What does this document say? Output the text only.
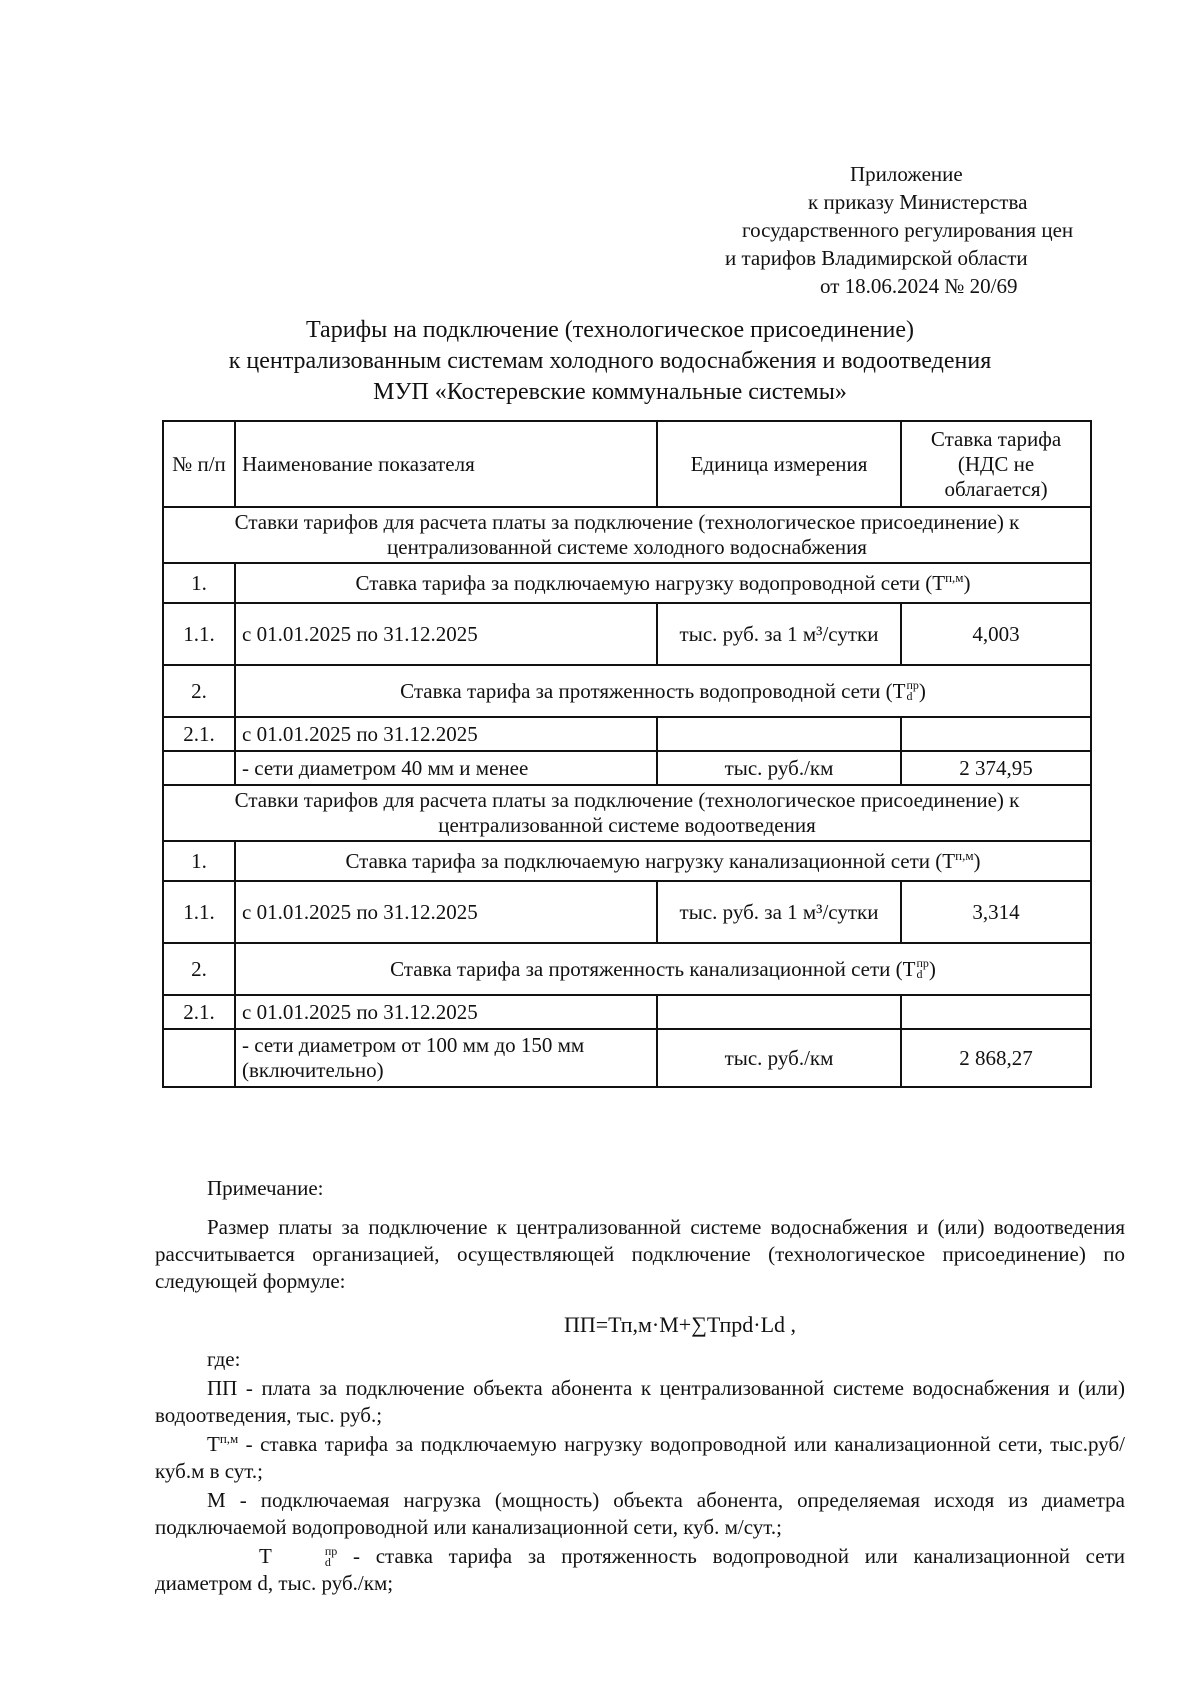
Приложение
к приказу Министерства
государственного регулирования цен
и тарифов Владимирской области
от 18.06.2024 № 20/69
Тарифы на подключение (технологическое присоединение)
к централизованным системам холодного водоснабжения и водоотведения
МУП «Костеревские коммунальные системы»
№ п/п	Наименование показателя	Единица измерения	Ставка тарифа (НДС не облагается)
Ставки тарифов для расчета платы за подключение (технологическое присоединение) к централизованной системе холодного водоснабжения			
1.	Ставка тарифа за подключаемую нагрузку водопроводной сети $(Т^{п,м})$		
1.1.	с 01.01.2025 по 31.12.2025	тыс. руб. за 1 м³/сутки	4,003
2.	Ставка тарифа за протяженность водопроводной сети ( Т пр
d )		
2.1.	с 01.01.2025 по 31.12.2025		
	- сети диаметром 40 мм и менее	тыс. руб./км	2 374,95
Ставки тарифов для расчета платы за подключение (технологическое присоединение) к централизованной системе водоотведения			
1.	Ставка тарифа за подключаемую нагрузку канализационной сети $(Т^{п,м})$		
1.1.	с 01.01.2025 по 31.12.2025	тыс. руб. за 1 м³/сутки	3,314
2.	Ставка тарифа за протяженность канализационной сети ( Т пр
d )		
2.1.	с 01.01.2025 по 31.12.2025		
	- сети диаметром от 100 мм до 150 мм (включительно)	тыс. руб./км	2 868,27
Примечание:
Размер платы за подключение к централизованной системе водоснабжения и (или) водоотведения рассчитывается организацией, осуществляющей подключение (технологическое присоединение) по следующей формуле:
ПП=Тп,м·М+∑Тпрd·Ld ,
где:
ПП - плата за подключение объекта абонента к централизованной системе водоснабжения и (или) водоотведения, тыс. руб.;
$Т^{п,м}$ - ставка тарифа за подключаемую нагрузку водопроводной или канализационной сети, тыс.руб/куб.м в сут.;
М - подключаемая нагрузка (мощность) объекта абонента, определяемая исходя из диаметра подключаемой водопроводной или канализационной сети, куб. м/сут.;
Т	пр
d - ставка тарифа за протяженность водопроводной или канализационной сети диаметром d, тыс. руб./км;
